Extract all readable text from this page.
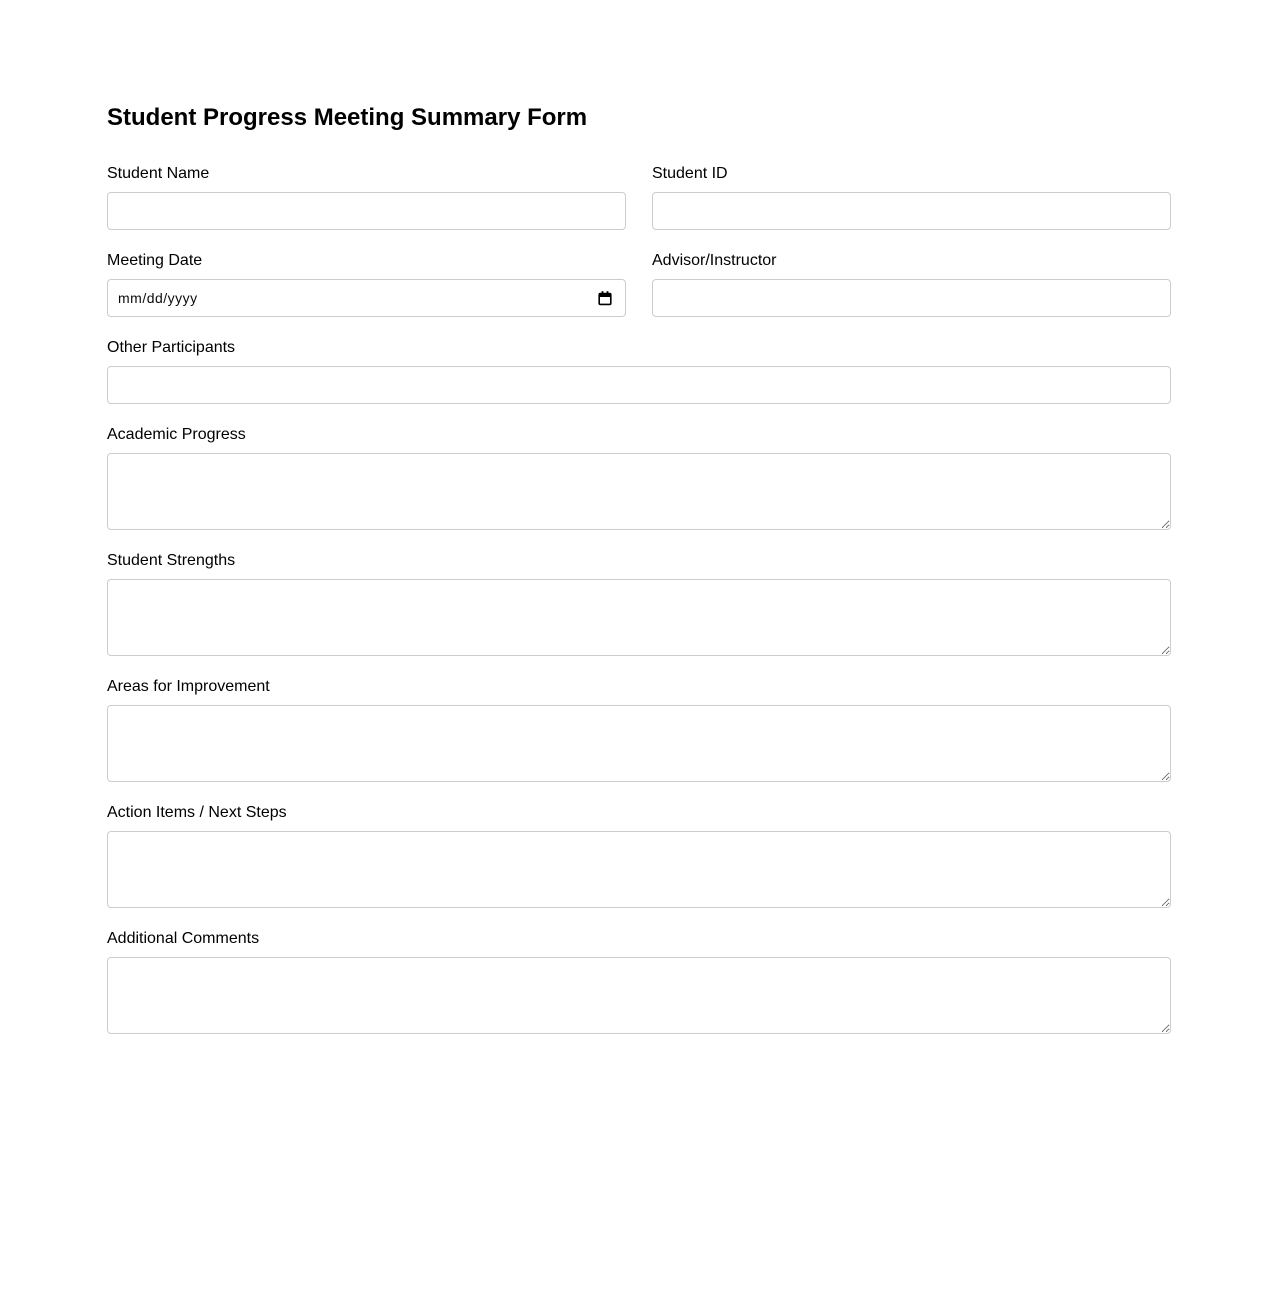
Student Progress Meeting Summary Form
Student Name	Student ID
Meeting Date
mm/dd/yyyy
Advisor/Instructor
Other Participants
Academic Progress
Student Strengths
Areas for Improvement
Action Items / Next Steps
Additional Comments
